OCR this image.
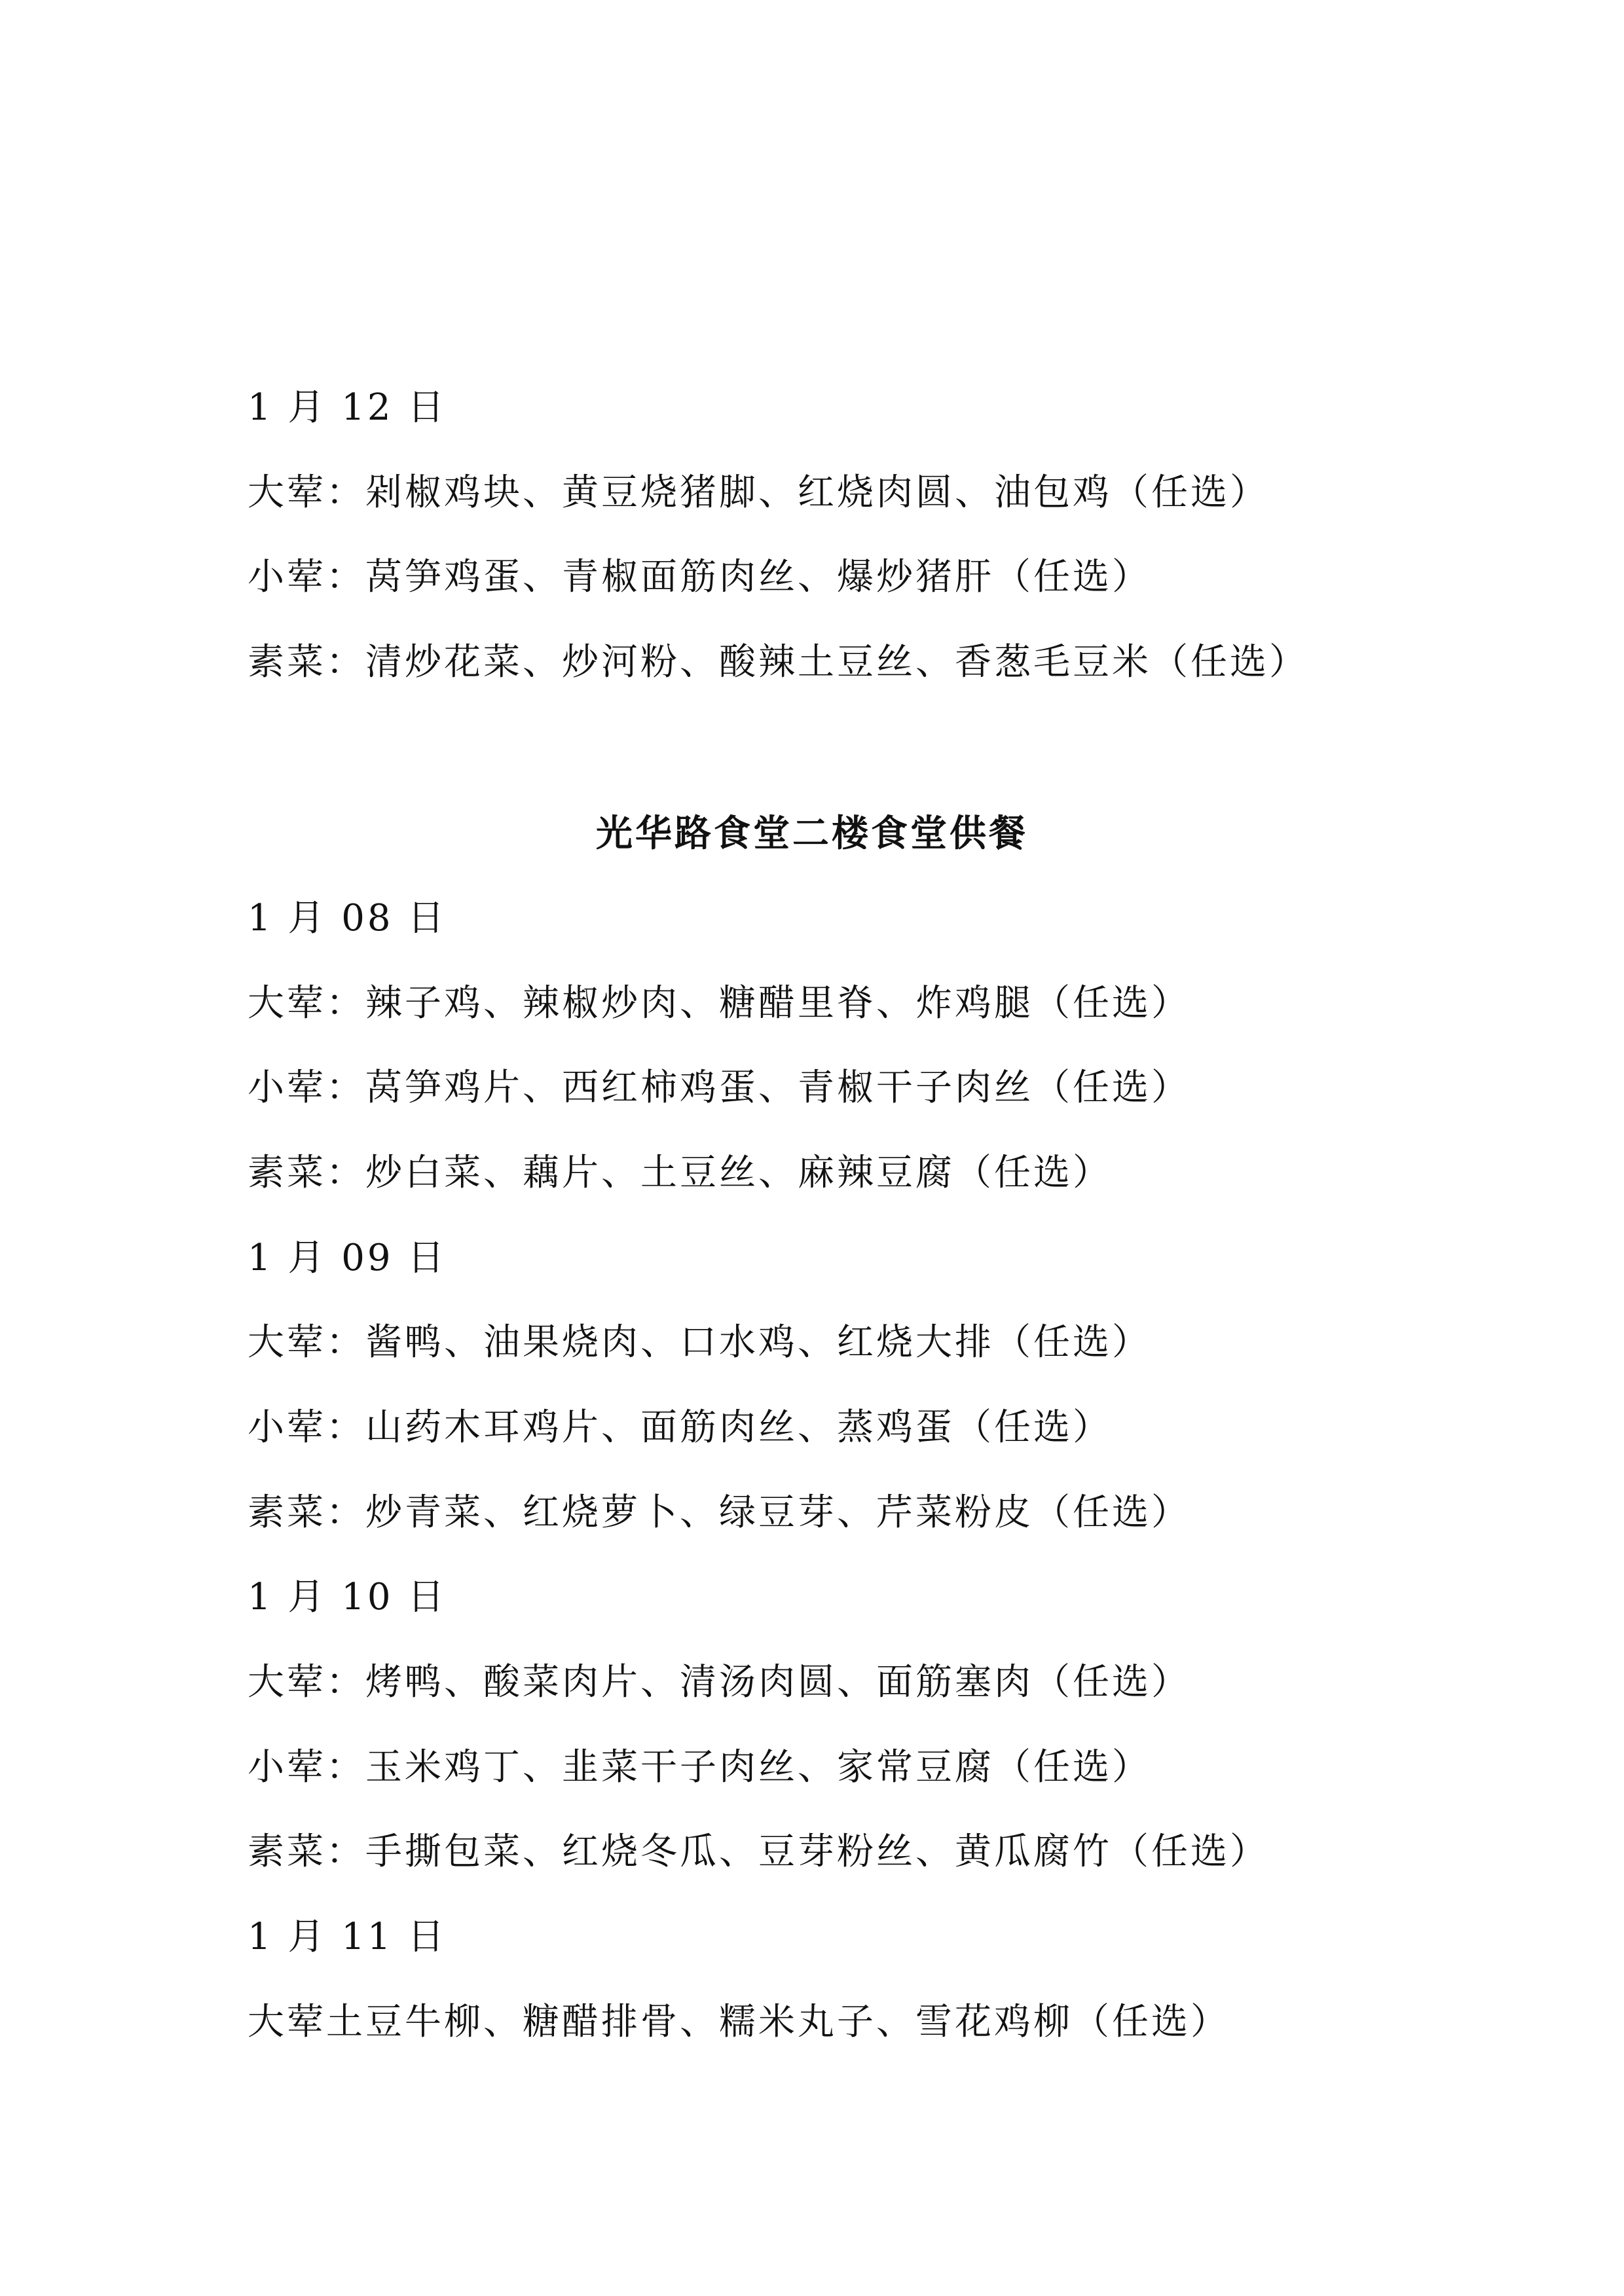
1 月 12 日
大荤：剁椒鸡块、黄豆烧猪脚、红烧肉圆、油包鸡（任选）
小荤：莴笋鸡蛋、青椒面筋肉丝、爆炒猪肝（任选）
素菜：清炒花菜、炒河粉、酸辣土豆丝、香葱毛豆米（任选）
光华路食堂二楼食堂供餐
1 月 08 日
大荤：辣子鸡、辣椒炒肉、糖醋里脊、炸鸡腿（任选）
小荤：莴笋鸡片、西红柿鸡蛋、青椒干子肉丝（任选）
素菜：炒白菜、藕片、土豆丝、麻辣豆腐（任选）
1 月 09 日
大荤：酱鸭、油果烧肉、口水鸡、红烧大排（任选）
小荤：山药木耳鸡片、面筋肉丝、蒸鸡蛋（任选）
素菜：炒青菜、红烧萝卜、绿豆芽、芹菜粉皮（任选）
1 月 10 日
大荤：烤鸭、酸菜肉片、清汤肉圆、面筋塞肉（任选）
小荤：玉米鸡丁、韭菜干子肉丝、家常豆腐（任选）
素菜：手撕包菜、红烧冬瓜、豆芽粉丝、黄瓜腐竹（任选）
1 月 11 日
大荤土豆牛柳、糖醋排骨、糯米丸子、雪花鸡柳（任选）
